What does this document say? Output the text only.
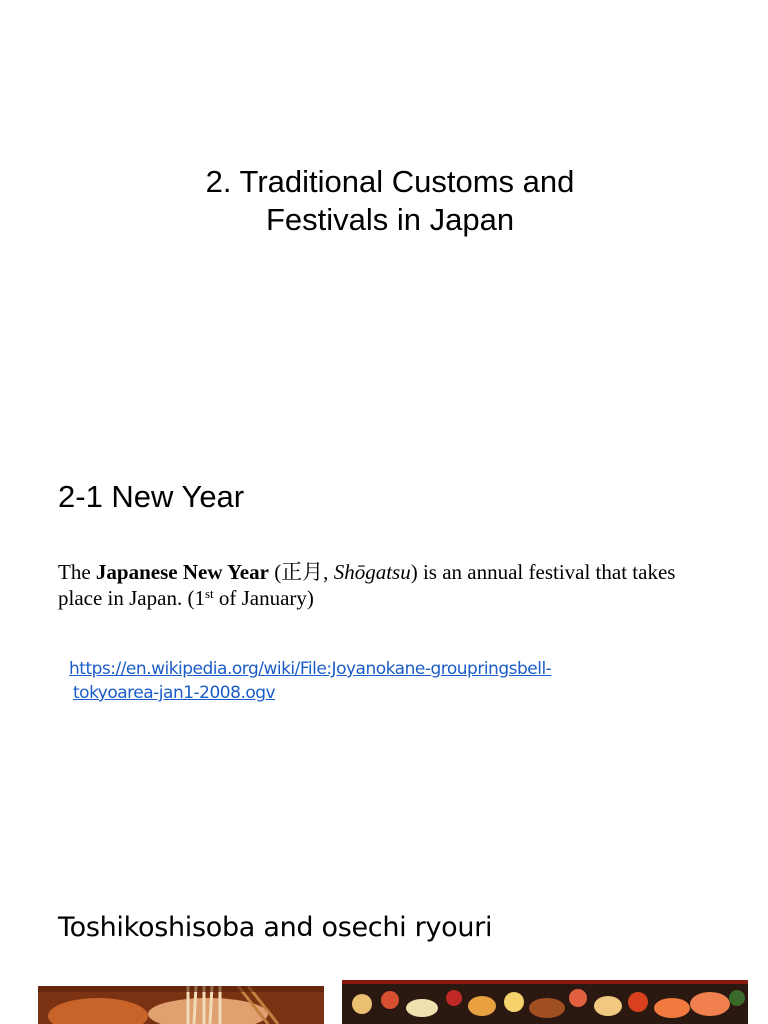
2. Traditional Customs and
Festivals in Japan
2-1 New Year

The Japanese New Year (正月, Shōgatsu) is an annual festival that takes place in Japan. (1st of January)

https://en.wikipedia.org/wiki/File:Joyanokane-groupringsbell-
tokyoarea-jan1-2008.ogv
Toshikoshisoba and osechi ryouri
